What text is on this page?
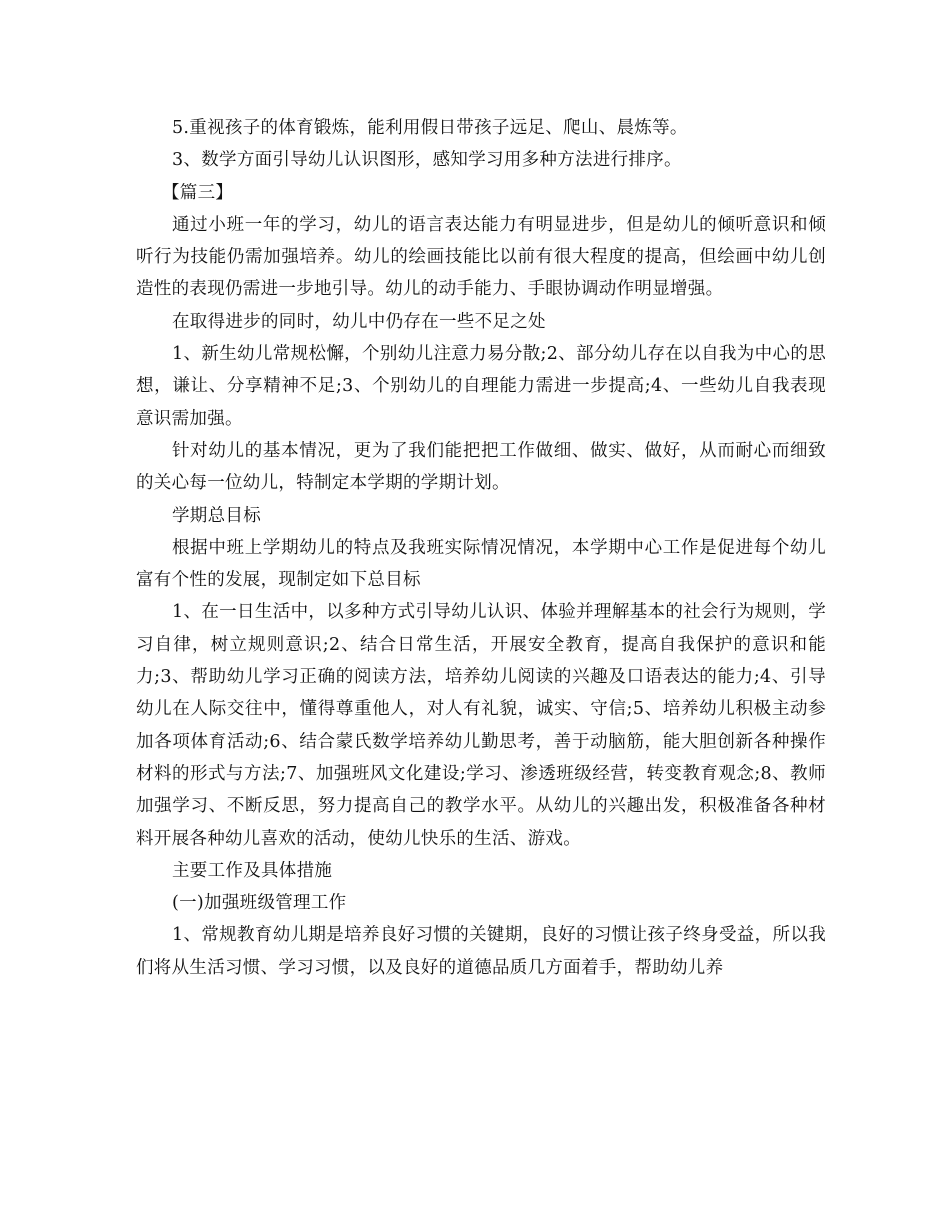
5.重视孩子的体育锻炼，能利用假日带孩子远足、爬山、晨炼等。

3、数学方面引导幼儿认识图形，感知学习用多种方法进行排序。

【篇三】

通过小班一年的学习，幼儿的语言表达能力有明显进步，但是幼儿的倾听意识和倾听行为技能仍需加强培养。幼儿的绘画技能比以前有很大程度的提高，但绘画中幼儿创造性的表现仍需进一步地引导。幼儿的动手能力、手眼协调动作明显增强。

在取得进步的同时，幼儿中仍存在一些不足之处

1、新生幼儿常规松懈，个别幼儿注意力易分散;2、部分幼儿存在以自我为中心的思想，谦让、分享精神不足;3、个别幼儿的自理能力需进一步提高;4、一些幼儿自我表现意识需加强。

针对幼儿的基本情况，更为了我们能把把工作做细、做实、做好，从而耐心而细致的关心每一位幼儿，特制定本学期的学期计划。

学期总目标

根据中班上学期幼儿的特点及我班实际情况情况，本学期中心工作是促进每个幼儿富有个性的发展，现制定如下总目标

1、在一日生活中，以多种方式引导幼儿认识、体验并理解基本的社会行为规则，学习自律，树立规则意识;2、结合日常生活，开展安全教育，提高自我保护的意识和能力;3、帮助幼儿学习正确的阅读方法，培养幼儿阅读的兴趣及口语表达的能力;4、引导幼儿在人际交往中，懂得尊重他人，对人有礼貌，诚实、守信;5、培养幼儿积极主动参加各项体育活动;6、结合蒙氏数学培养幼儿勤思考，善于动脑筋，能大胆创新各种操作材料的形式与方法;7、加强班风文化建设;学习、渗透班级经营，转变教育观念;8、教师加强学习、不断反思，努力提高自己的教学水平。从幼儿的兴趣出发，积极准备各种材料开展各种幼儿喜欢的活动，使幼儿快乐的生活、游戏。

主要工作及具体措施

(一)加强班级管理工作

1、常规教育幼儿期是培养良好习惯的关键期，良好的习惯让孩子终身受益，所以我们将从生活习惯、学习习惯，以及良好的道德品质几方面着手，帮助幼儿养
